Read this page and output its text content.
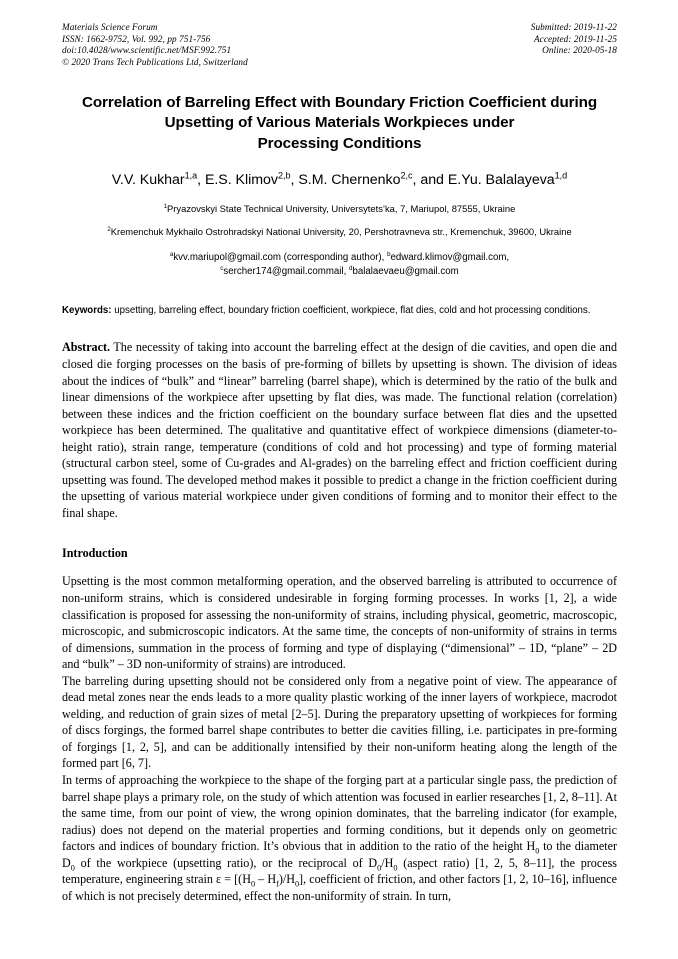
Materials Science Forum
ISSN: 1662-9752, Vol. 992, pp 751-756
doi:10.4028/www.scientific.net/MSF.992.751
© 2020 Trans Tech Publications Ltd, Switzerland
Submitted: 2019-11-22
Accepted: 2019-11-25
Online: 2020-05-18
Correlation of Barreling Effect with Boundary Friction Coefficient during
Upsetting of Various Materials Workpieces under
Processing Conditions
V.V. Kukhar$^{1,a}$, E.S. Klimov$^{2,b}$, S.M. Chernenko$^{2,c}$, and E.Yu. Balalayeva$^{1,d}$
$^1$Pryazovskyi State Technical University, Universytets’ka, 7, Mariupol, 87555, Ukraine
$^2$Kremenchuk Mykhailo Ostrohradskyi National University, 20, Pershotravneva str., Kremenchuk, 39600, Ukraine
$^a$kvv.mariupol@gmail.com (corresponding author), $^b$edward.klimov@gmail.com,
$^c$sercher174@gmail.commail, $^d$balalaevaeu@gmail.com
Keywords: upsetting, barreling effect, boundary friction coefficient, workpiece, flat dies, cold and hot processing conditions.
Abstract. The necessity of taking into account the barreling effect at the design of die cavities, and open die and closed die forging processes on the basis of pre-forming of billets by upsetting is shown. The division of ideas about the indices of “bulk” and “linear” barreling (barrel shape), which is determined by the ratio of the bulk and linear dimensions of the workpiece after upsetting by flat dies, was made. The functional relation (correlation) between these indices and the friction coefficient on the boundary surface between flat dies and the upsetted workpiece has been determined. The qualitative and quantitative effect of workpiece dimensions (diameter-to-height ratio), strain range, temperature (conditions of cold and hot processing) and type of forming material (structural carbon steel, some of Cu-grades and Al-grades) on the barreling effect and friction coefficient during upsetting was found. The developed method makes it possible to predict a change in the friction coefficient during the upsetting of various material workpiece under given conditions of forming and to monitor their effect to the final shape.
Introduction

Upsetting is the most common metalforming operation, and the observed barreling is attributed to occurrence of non-uniform strains, which is considered undesirable in forging forming processes. In works [1, 2], a wide classification is proposed for assessing the non-uniformity of strains, including physical, geometric, macroscopic, microscopic, and submicroscopic indicators. At the same time, the concepts of non-uniformity of strains in terms of dimensions, summation in the process of forming and type of displaying (“dimensional” – 1D, “plane” – 2D and “bulk” – 3D non-uniformity of strains) are introduced.

The barreling during upsetting should not be considered only from a negative point of view. The appearance of dead metal zones near the ends leads to a more quality plastic working of the inner layers of workpiece, macrodot welding, and reduction of grain sizes of metal [2–5]. During the preparatory upsetting of workpieces for forming of discs forgings, the formed barrel shape contributes to better die cavities filling, i.e. participates in pre-forming of forgings [1, 2, 5], and can be additionally intensified by their non-uniform heating along the length of the formed part [6, 7].

In terms of approaching the workpiece to the shape of the forging part at a particular single pass, the prediction of barrel shape plays a primary role, on the study of which attention was focused in earlier researches [1, 2, 8–11]. At the same time, from our point of view, the wrong opinion dominates, that the barreling indicator (for example, radius) does not depend on the material properties and forming conditions, but it depends only on geometric factors and indices of boundary friction. It’s obvious that in addition to the ratio of the height $H_0$ to the diameter $D_0$ of the workpiece (upsetting ratio), or the reciprocal of $D_0/H_0$ (aspect ratio) [1, 2, 5, 8–11], the process temperature, engineering strain $\varepsilon = [(H_0 - H_f)/H_0]$, coefficient of friction, and other factors [1, 2, 10–16], influence of which is not precisely determined, effect the non-uniformity of strain. In turn,
